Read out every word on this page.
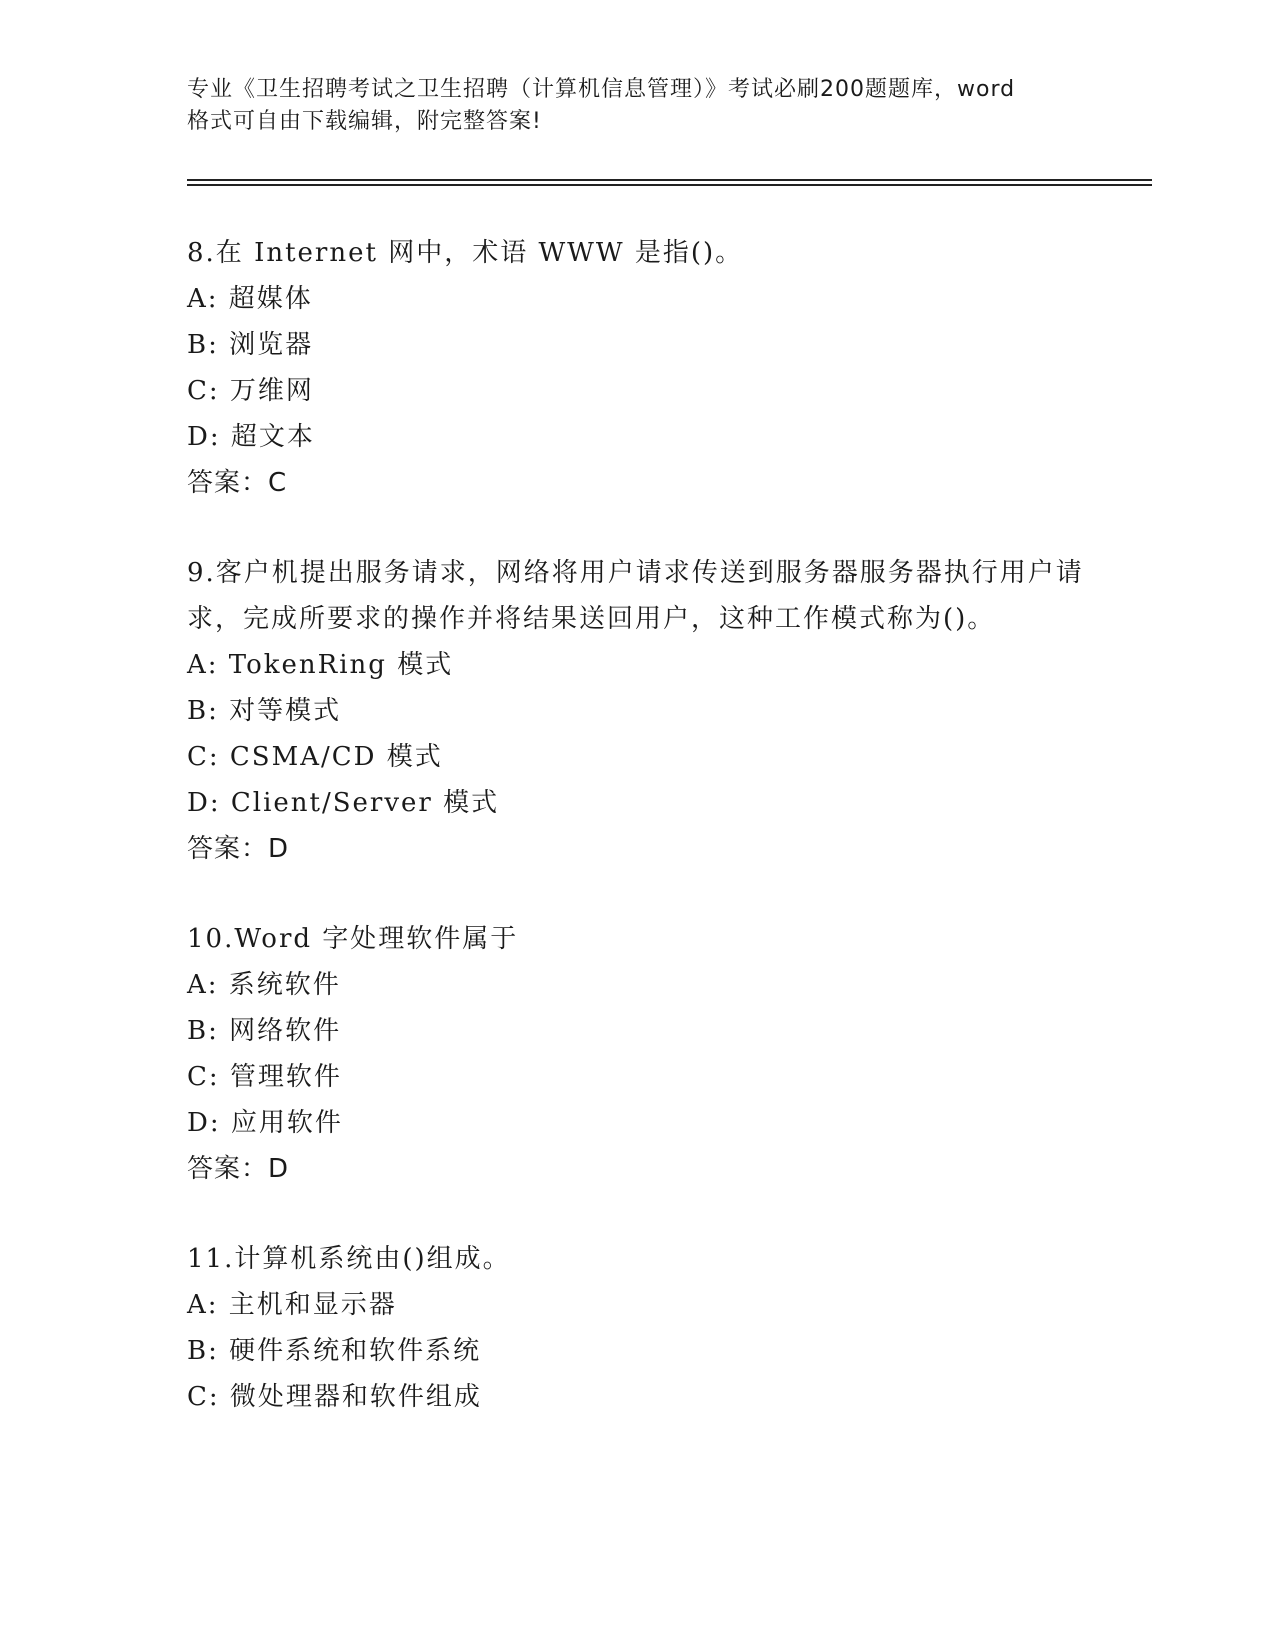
专业《卫生招聘考试之卫生招聘（计算机信息管理）》考试必刷200题题库，word
格式可自由下载编辑，附完整答案!

8.在 Internet 网中，术语 WWW 是指()。

A: 超媒体

B: 浏览器

C: 万维网

D: 超文本

答案：C

9.客户机提出服务请求，网络将用户请求传送到服务器服务器执行用户请求，完成所要求的操作并将结果送回用户，这种工作模式称为()。

A: TokenRing 模式

B: 对等模式

C: CSMA/CD 模式

D: Client/Server 模式

答案：D

10.Word 字处理软件属于

A: 系统软件

B: 网络软件

C: 管理软件

D: 应用软件

答案：D

11.计算机系统由()组成。

A: 主机和显示器

B: 硬件系统和软件系统

C: 微处理器和软件组成
